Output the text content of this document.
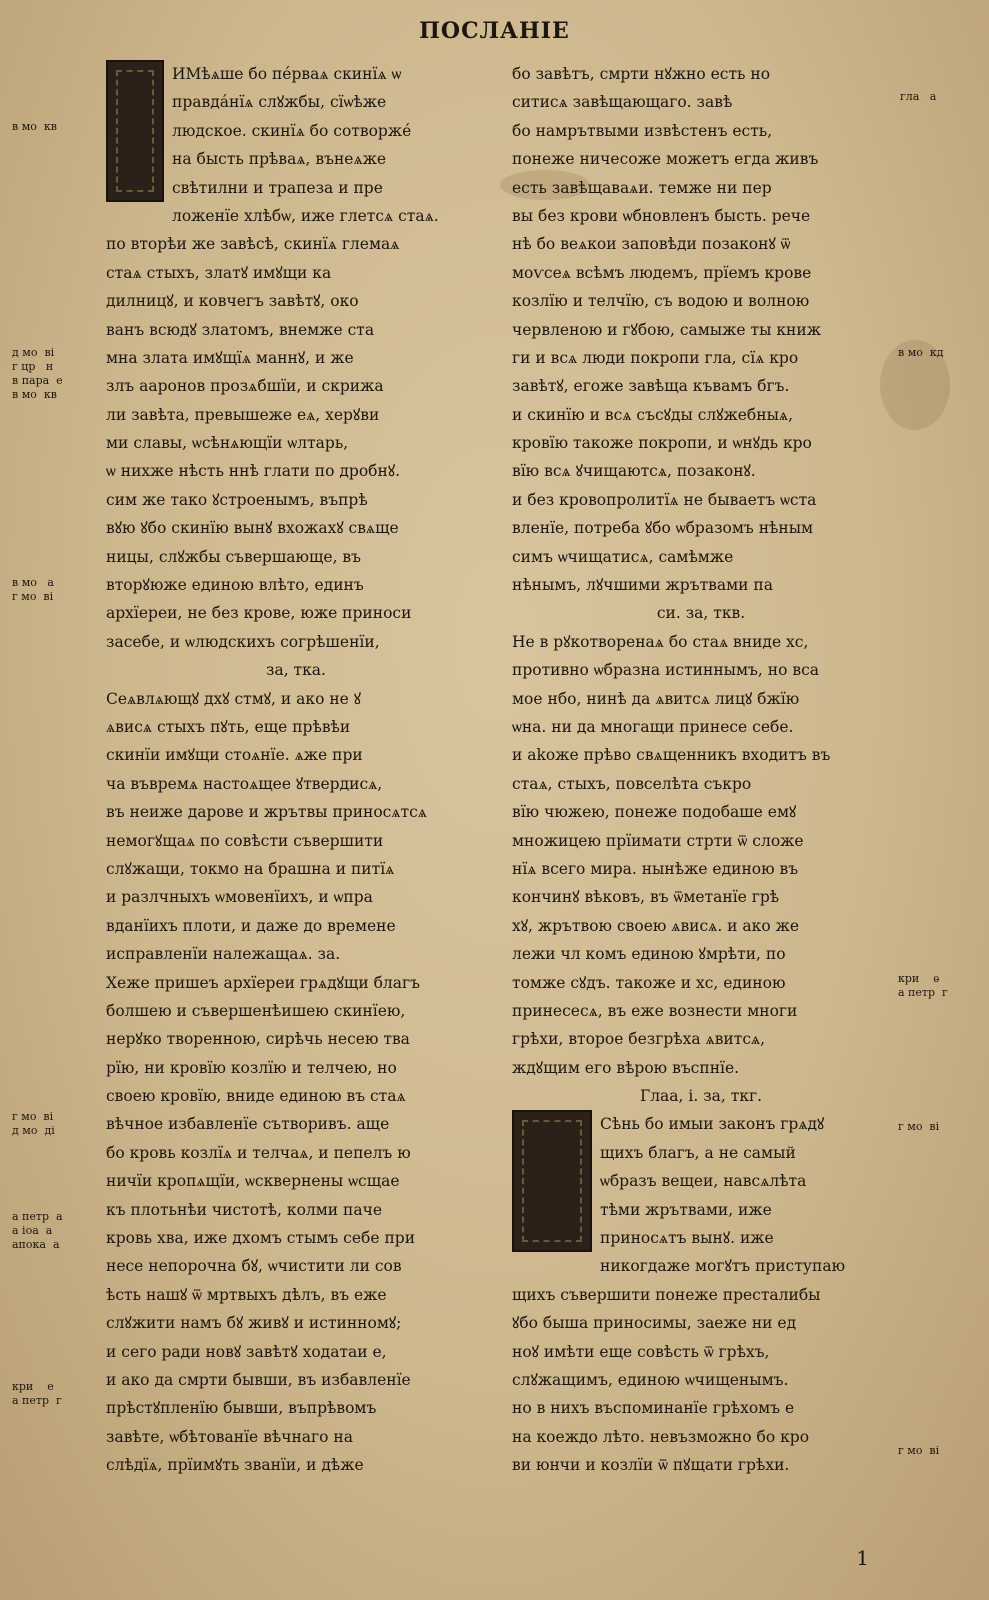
ПОСЛАНІЕ
ИМѣѧше бо пéрваѧ скинїѧ ѡ
правдáнїѧ слꙋжбы, сїѡѣже
людское. скинїѧ бо сотворжé
на бысть прѣваѧ, вънеѧже
свѣтилни и трапеза и пре
ложенїе хлѣбѡ, иже глетсѧ стаѧ.
по вторѣи же завѣсѣ, скинїѧ глемаѧ
стаѧ стыхъ, златꙋ имꙋщи ка
дилницꙋ, и ковчегъ завѣтꙋ, око
ванъ всюдꙋ златомъ, внемже ста
мна злата имꙋщїѧ маннꙋ, и же
злъ ааронов прозѧбшїи, и скрижа
ли завѣта, превышеже еѧ, херꙋви
ми славы, ѡсѣнѧющїи ѡлтарь,
ѡ нихже нѣсть ннѣ глати по дробнꙋ.
сим же тако ꙋстроенымъ, въпрѣ
вꙋю ꙋбо скинїю вынꙋ вхожахꙋ свѧще
ницы, слꙋжбы съвершающе, въ
вторꙋюже единою влѣто, единъ
архїереи, не без крове, юже приноси
засебе, и ѡлюдскихъ согрѣшенїи,
за, тка.
Сеѧвлѧющꙋ дхꙋ стмꙋ, и ако не ꙋ
ѧвисѧ стыхъ пꙋть, еще прѣвѣи
скинїи имꙋщи стоѧнїе. ѧже при
ча въвремѧ настоѧщее ꙋтвердисѧ,
въ неиже дарове и жрътвы приносѧтсѧ
немогꙋщаѧ по совѣсти съвершити
слꙋжащи, токмо на брашна и питїѧ
и разлчныхъ ѡмовенїихъ, и ѡпра
вданїихъ плоти, и даже до времене
исправленїи належащаѧ. за.
Хеже пришеъ архїереи грѧдꙋщи благъ
болшею и съвершенѣишею скинїею,
нерꙋко творенною, сирѣчь несею тва
рїю, ни кровїю козлїю и телчею, но
своею кровїю, вниде единою въ стаѧ
вѣчное избавленїе сътворивъ. аще
бо кровь козлїѧ и телчаѧ, и пепелъ ю
ничїи кропѧщїи, ѡсквернены ѡсщае
къ плотьнѣи чистотѣ, колми паче
кровь хва, иже дхомъ стымъ себе при
несе непорочна бꙋ, ѡчистити ли сов
ѣсть нашꙋ ѿ мртвыхъ дѣлъ, въ еже
слꙋжити намъ бꙋ живꙋ и истинномꙋ;
и сего ради новꙋ завѣтꙋ ходатаи е,
и ако да смрти бывши, въ избавленїе
прѣстꙋпленїю бывши, въпрѣвомъ
завѣте, ѡбѣтованїе вѣчнаго на
слѣдїѧ, прїимꙋть званїи, и дѣже
бо завѣтъ, смрти нꙋжно есть но
ситисѧ завѣщающаго. завѣ
бо намрътвыми извѣстенъ есть,
понеже ничесоже можетъ егда живъ
есть завѣщаваѧи. темже ни пер
вы без крови ѡбновленъ бысть. рече
нѣ бо веѧкои заповѣди позаконꙋ ѿ
моѵсеѧ всѣмъ людемъ, прїемъ крове
козлїю и телчїю, съ водою и волною
червленою и гꙋбою, самыже ты книж
ги и всѧ люди покропи гла, сїѧ кро
завѣтꙋ, егоже завѣща къвамъ бгъ.
и скинїю и всѧ съсꙋды слꙋжебныѧ,
кровїю такоже покропи, и ѡнꙋдь кро
вїю всѧ ꙋчищаютсѧ, позаконꙋ.
и без кровопролитїѧ не бываетъ ѡста
вленїе, потреба ꙋбо ѡбразомъ нѣным
симъ ѡчищатисѧ, самѣмже
нѣнымъ, лꙋчшими жрътвами па
си. за, ткв.
Не в рꙋкотворенаѧ бо стаѧ вниде хс,
противно ѡбразна истиннымъ, но вса
мое нбо, нинѣ да ѧвитсѧ лицꙋ бжїю
ѡна. ни да многащи принесе себе.
и аkоже прѣво свѧщенникъ входитъ въ
стаѧ, стыхъ, повселѣта съкро
вїю чюжею, понеже подобаше емꙋ
множицею прїимати стрти ѿ сложе
нїѧ всего мира. нынѣже единою въ
кончинꙋ вѣковъ, въ ѿметанїе грѣ
хꙋ, жрътвою своею ѧвисѧ. и ако же
лежи чл комъ единою ꙋмрѣти, по
томже сꙋдъ. такоже и хс, единою
принесесѧ, въ еже вознести многи
грѣхи, второе безгрѣха ѧвитсѧ,
ждꙋщим его вѣрою въспнїе.
Глаа, і. за, ткг.
Сѣнь бо имыи законъ грѧдꙋ
щихъ благъ, а не самый
ѡбразъ вещеи, навсѧлѣта
тѣми жрътвами, иже
приносѧтъ вынꙋ. иже
никогдаже могꙋтъ приступаю
щихъ съвершити понеже престалибы
ꙋбо быша приносимы, заеже ни ед
ноꙋ имѣти еще совѣсть ѿ грѣхъ,
слꙋжащимъ, единою ѡчищенымъ.
но в нихъ въспоминанїе грѣхомъ е
на коеждо лѣто. невъзможно бо кро
ви юнчи и козлїи ѿ пꙋщати грѣхи.
в мо  кв
д мо  ві
г цр   н
в пара  е
в мо  кв
в мо   а
г мо  ві
г мо  ві
д мо  ді
а петр  а
а іоа  а
апока  а
кри    е
а петр  г
гла   а
в мо  кд
кри    ѳ
а петр  г
г мо  ві
г мо  ві
1
